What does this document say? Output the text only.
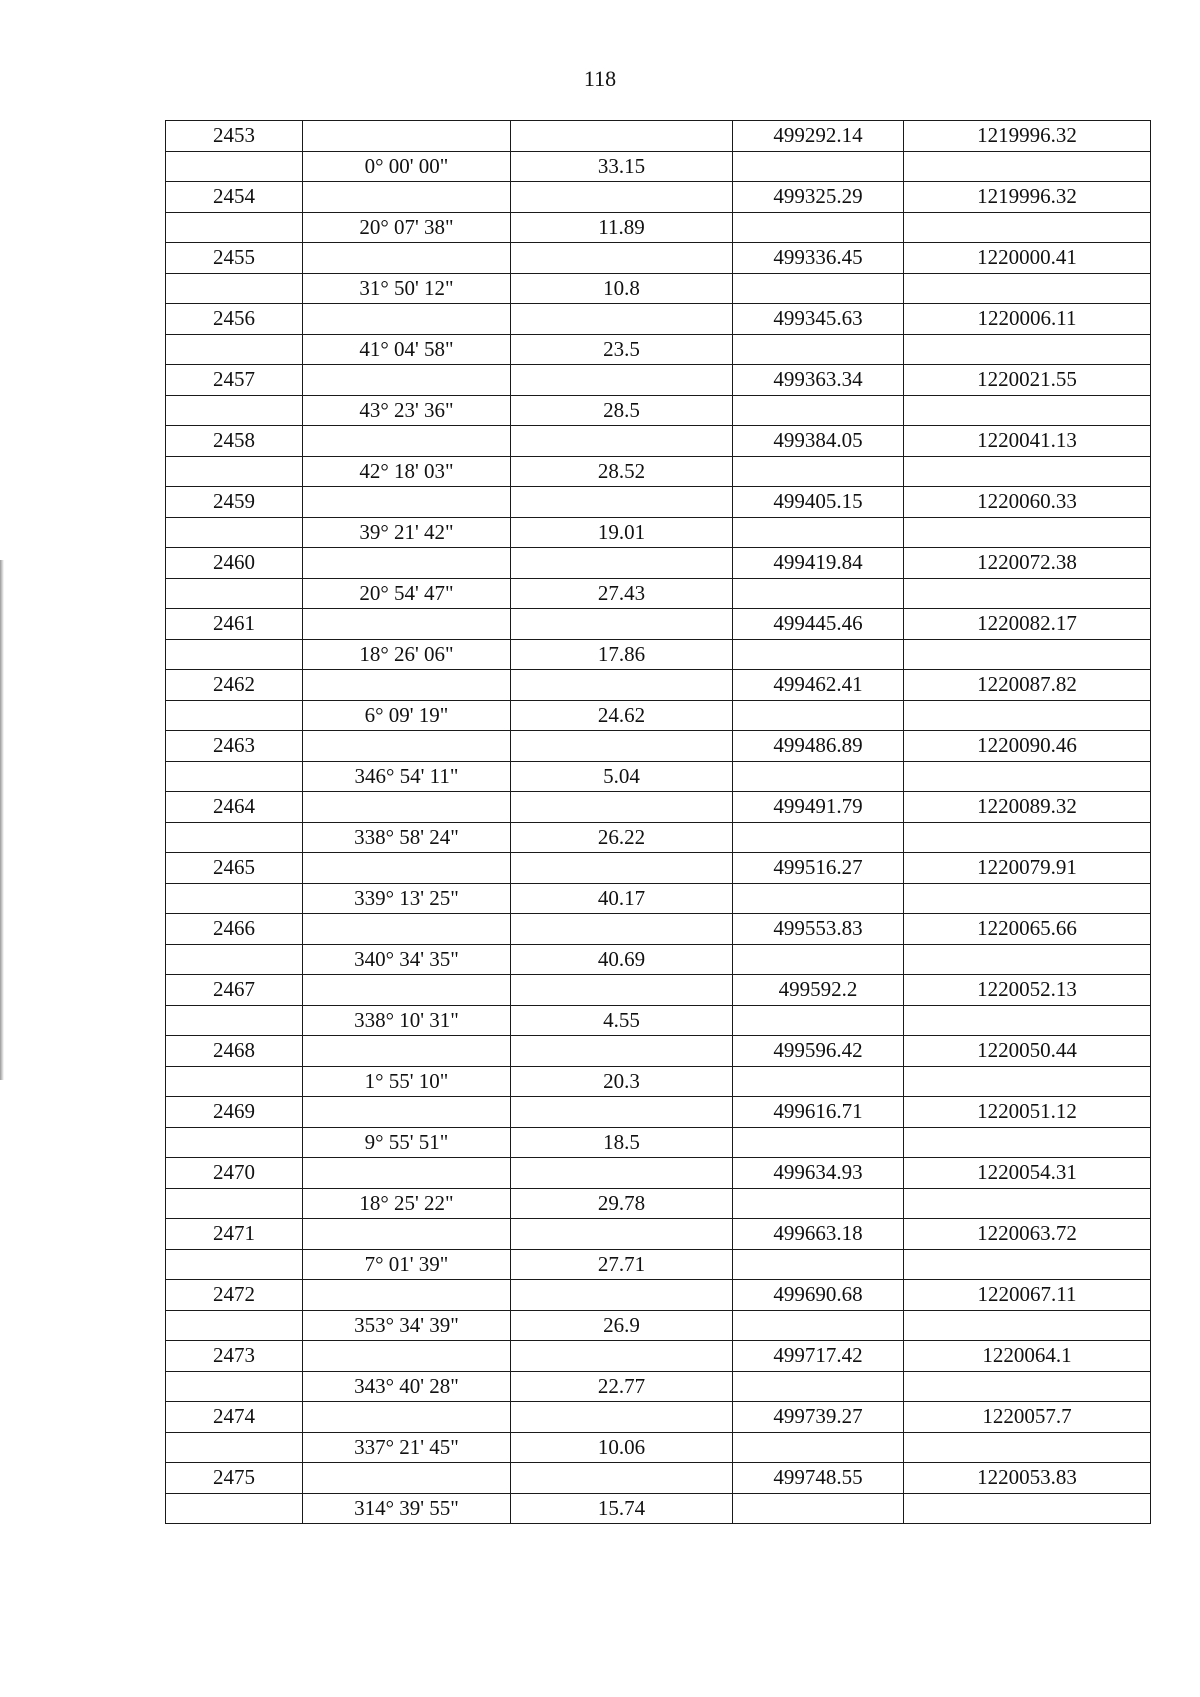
118
2453			499292.14	1219996.32
	0° 00' 00"	33.15		
2454			499325.29	1219996.32
	20° 07' 38"	11.89		
2455			499336.45	1220000.41
	31° 50' 12"	10.8		
2456			499345.63	1220006.11
	41° 04' 58"	23.5		
2457			499363.34	1220021.55
	43° 23' 36"	28.5		
2458			499384.05	1220041.13
	42° 18' 03"	28.52		
2459			499405.15	1220060.33
	39° 21' 42"	19.01		
2460			499419.84	1220072.38
	20° 54' 47"	27.43		
2461			499445.46	1220082.17
	18° 26' 06"	17.86		
2462			499462.41	1220087.82
	6° 09' 19"	24.62		
2463			499486.89	1220090.46
	346° 54' 11"	5.04		
2464			499491.79	1220089.32
	338° 58' 24"	26.22		
2465			499516.27	1220079.91
	339° 13' 25"	40.17		
2466			499553.83	1220065.66
	340° 34' 35"	40.69		
2467			499592.2	1220052.13
	338° 10' 31"	4.55		
2468			499596.42	1220050.44
	1° 55' 10"	20.3		
2469			499616.71	1220051.12
	9° 55' 51"	18.5		
2470			499634.93	1220054.31
	18° 25' 22"	29.78		
2471			499663.18	1220063.72
	7° 01' 39"	27.71		
2472			499690.68	1220067.11
	353° 34' 39"	26.9		
2473			499717.42	1220064.1
	343° 40' 28"	22.77		
2474			499739.27	1220057.7
	337° 21' 45"	10.06		
2475			499748.55	1220053.83
	314° 39' 55"	15.74		
